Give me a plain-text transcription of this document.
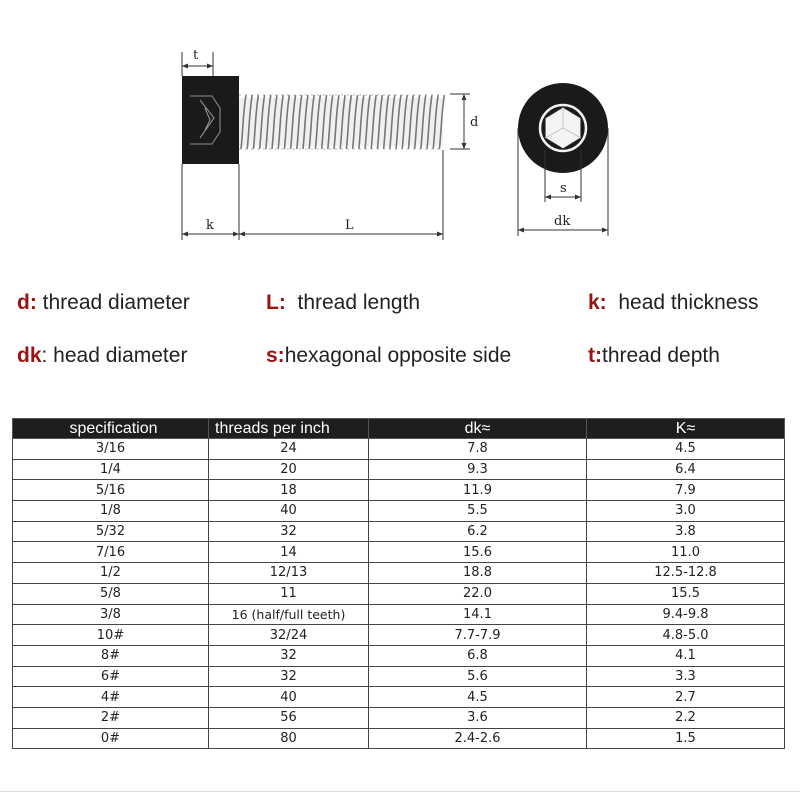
t
d
k	L
s
dk
d: thread diameter	L:  thread length	k:  head thickness
dk: head diameter	s:hexagonal opposite side	t:thread depth
specification	threads per inch	dk≈	K≈
3/16	24	7.8	4.5
1/4	20	9.3	6.4
5/16	18	11.9	7.9
1/8	40	5.5	3.0
5/32	32	6.2	3.8
7/16	14	15.6	11.0
1/2	12/13	18.8	12.5-12.8
5/8	11	22.0	15.5
3/8	16 (half/full teeth)	14.1	9.4-9.8
10#	32/24	7.7-7.9	4.8-5.0
8#	32	6.8	4.1
6#	32	5.6	3.3
4#	40	4.5	2.7
2#	56	3.6	2.2
0#	80	2.4-2.6	1.5
